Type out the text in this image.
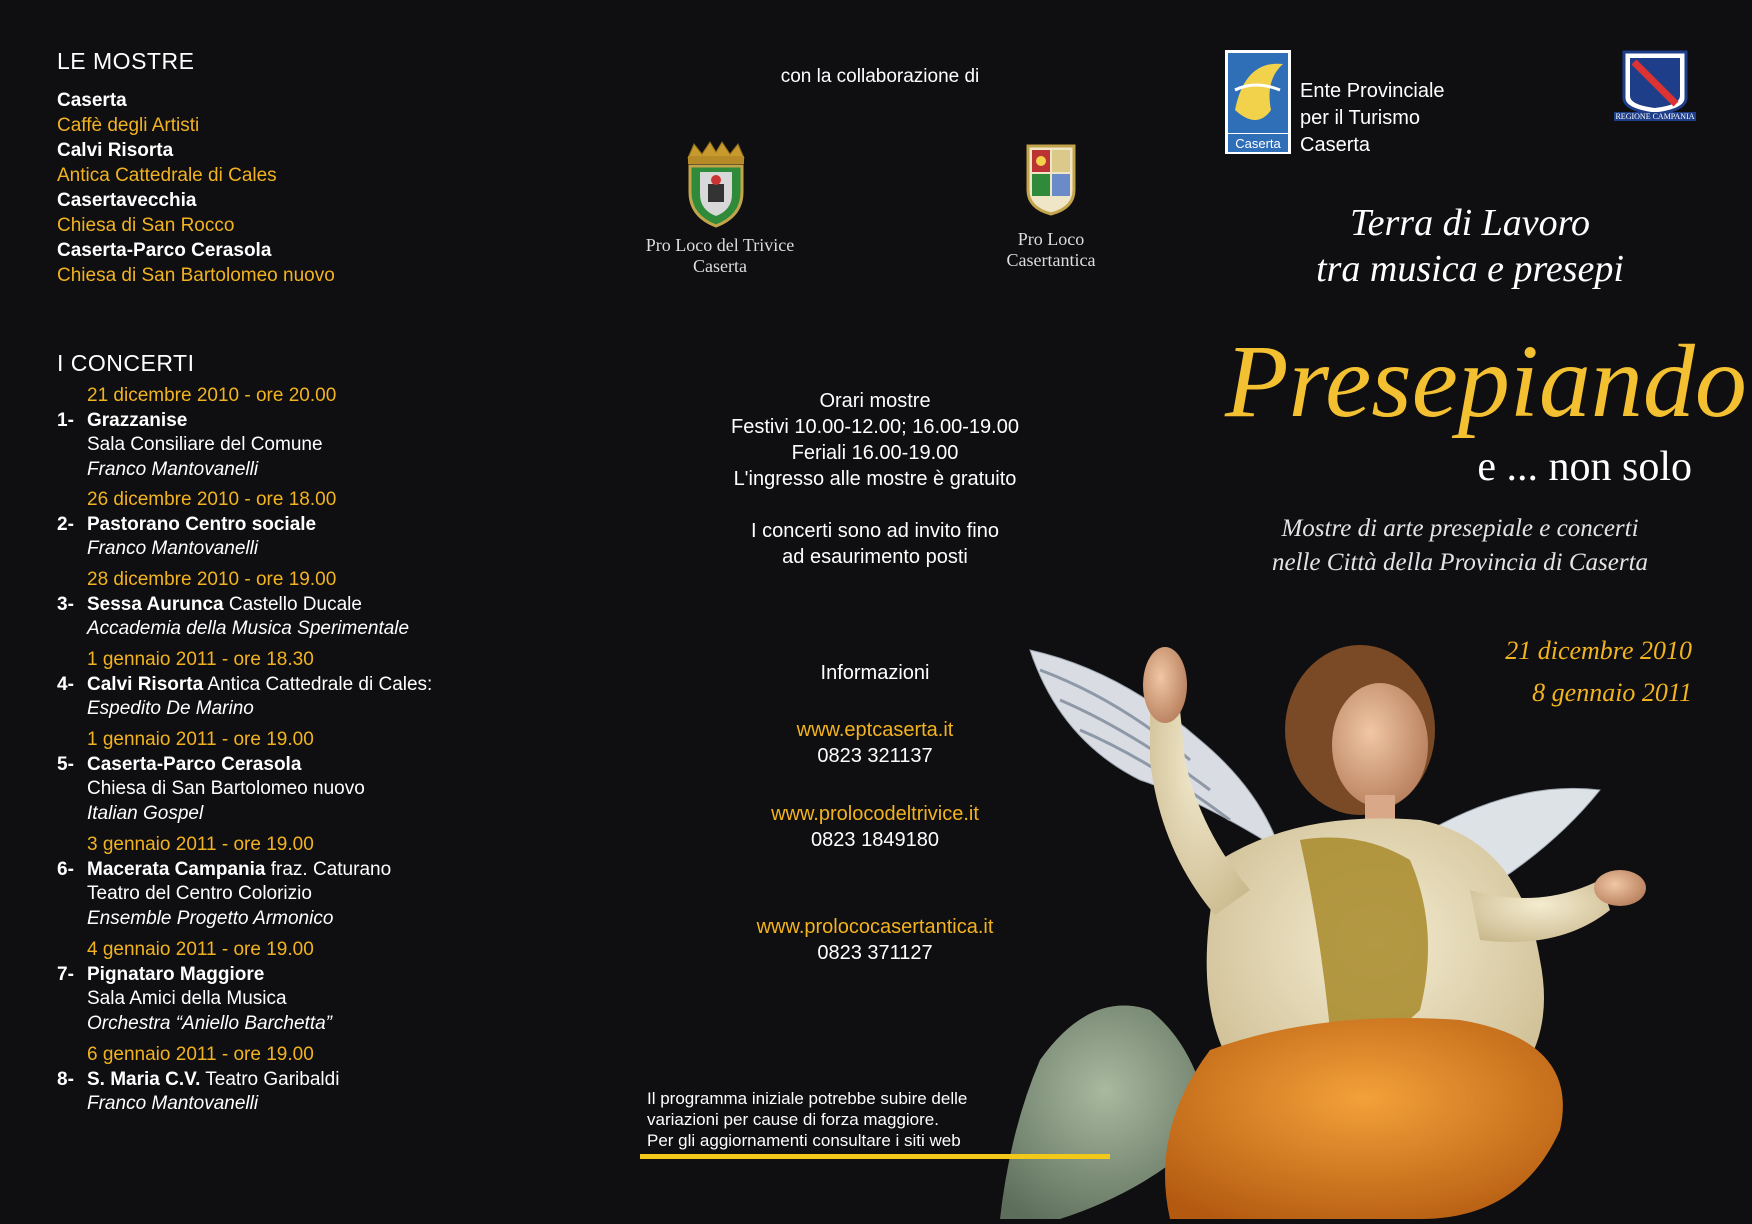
LE MOSTRE
Caserta
Caffè degli Artisti
Calvi Risorta
Antica Cattedrale di Cales
Casertavecchia
Chiesa di San Rocco
Caserta-Parco Cerasola
Chiesa di San Bartolomeo nuovo
I CONCERTI
21 dicembre 2010 - ore 20.00
1- Grazzanise
Sala Consiliare del Comune
Franco Mantovanelli
26 dicembre 2010 - ore 18.00
2- Pastorano Centro sociale
Franco Mantovanelli
28 dicembre 2010 - ore 19.00
3- Sessa Aurunca Castello Ducale
Accademia della Musica Sperimentale
1 gennaio 2011 - ore 18.30
4- Calvi Risorta Antica Cattedrale di Cales:
Espedito De Marino
1 gennaio 2011 - ore 19.00
5- Caserta-Parco Cerasola
Chiesa di San Bartolomeo nuovo
Italian Gospel
3 gennaio 2011 - ore 19.00
6- Macerata Campania fraz. Caturano
Teatro del Centro Colorizio
Ensemble Progetto Armonico
4 gennaio 2011 - ore 19.00
7- Pignataro Maggiore
Sala Amici della Musica
Orchestra “Aniello Barchetta”
6 gennaio 2011 - ore 19.00
8- S. Maria C.V. Teatro Garibaldi
Franco Mantovanelli
con la collaborazione di
Pro Loco del Trivice
Caserta
Pro Loco
Casertantica
Orari mostre
Festivi 10.00-12.00; 16.00-19.00
Feriali 16.00-19.00
L'ingresso alle mostre è gratuito
I concerti sono ad invito fino
ad esaurimento posti
Informazioni
www.eptcaserta.it
0823 321137
www.prolocodeltrivice.it
0823 1849180
www.prolococasertantica.it
0823 371127
Il programma iniziale potrebbe subire delle
variazioni per cause di forza maggiore.
Per gli aggiornamenti consultare i siti web
Caserta
Ente Provinciale
per il Turismo
Caserta
REGIONE CAMPANIA
Terra di Lavoro
tra musica e presepi
Presepiando
e ... non solo
Mostre di arte presepiale e concerti
nelle Città della Provincia di Caserta
21 dicembre 2010
8 gennaio 2011
